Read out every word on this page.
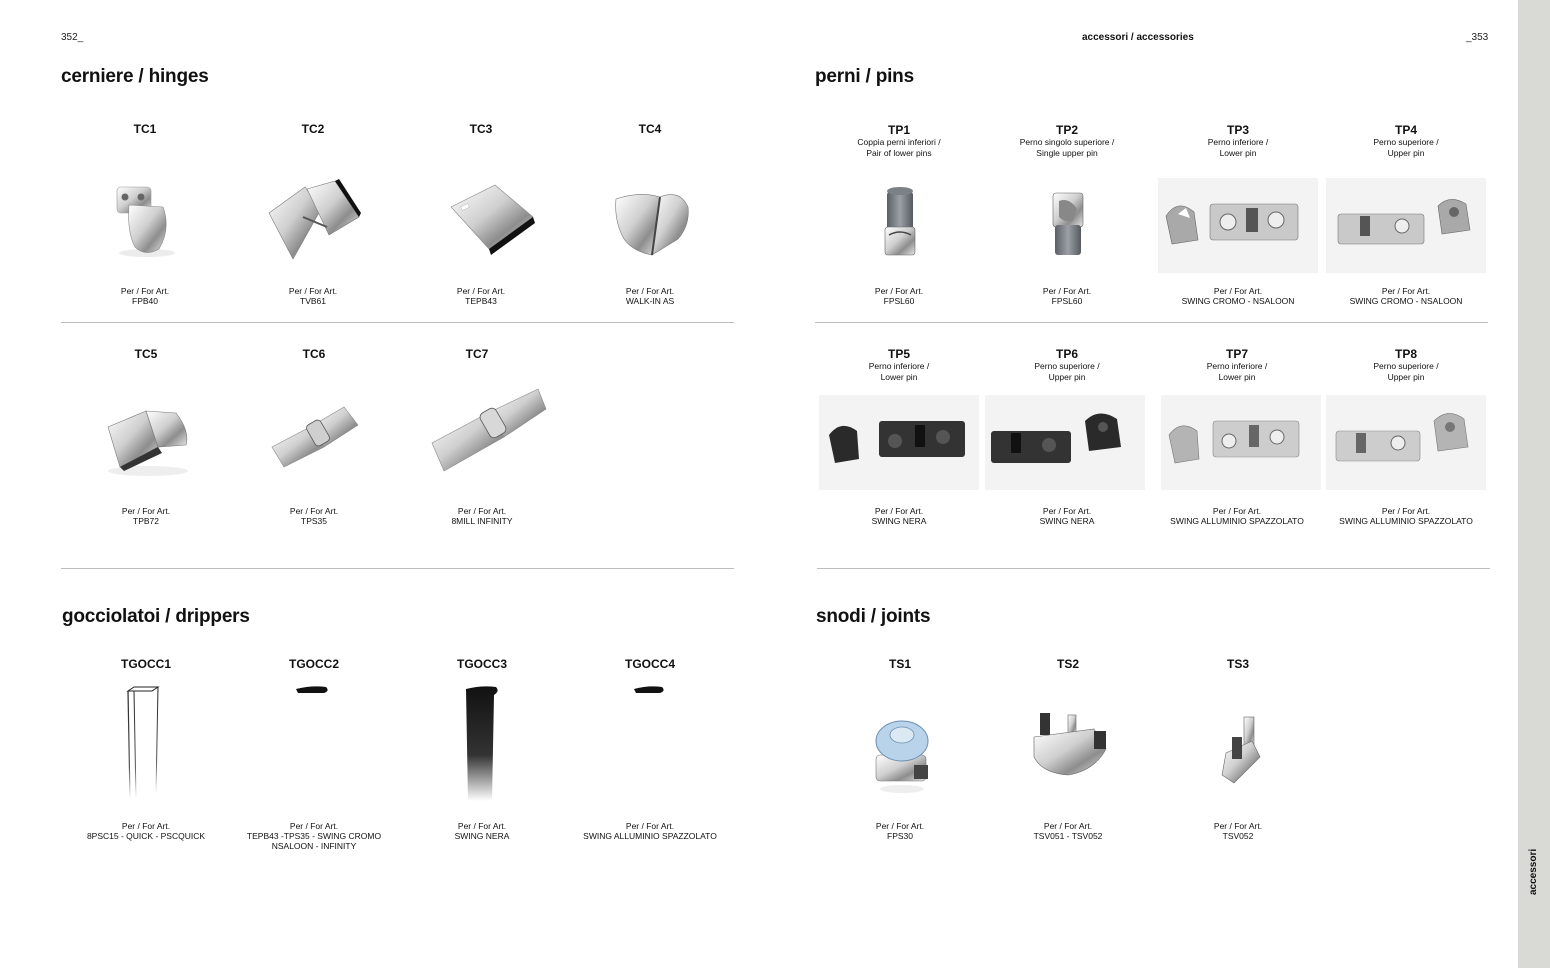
352_	accessori / accessories	_353
accessori
cerniere / hinges	perni / pins
gocciolatoi / drippers	snodi / joints
TC1
Per / For Art.
FPB40
TC2
Per / For Art.
TVB61
TC3
Per / For Art.
TEPB43
TC4
Per / For Art.
WALK-IN AS
TC5
Per / For Art.
TPB72
TC6
Per / For Art.
TPS35
TC7
Per / For Art.
8MILL INFINITY
TP1
Coppia perni inferiori /
Pair of lower pins
Per / For Art.
FPSL60
TP2
Perno singolo superiore /
Single upper pin
Per / For Art.
FPSL60
TP3
Perno inferiore /
Lower pin
Per / For Art.
SWING CROMO - NSALOON
TP4
Perno superiore /
Upper pin
Per / For Art.
SWING CROMO - NSALOON
TP5
Perno inferiore /
Lower pin
Per / For Art.
SWING NERA
TP6
Perno superiore /
Upper pin
Per / For Art.
SWING NERA
TP7
Perno inferiore /
Lower pin
Per / For Art.
SWING ALLUMINIO SPAZZOLATO
TP8
Perno superiore /
Upper pin
Per / For Art.
SWING ALLUMINIO SPAZZOLATO
TGOCC1
Per / For Art.
8PSC15 - QUICK - PSCQUICK
TGOCC2
Per / For Art.
TEPB43 -TPS35 - SWING CROMO
NSALOON - INFINITY
TGOCC3
Per / For Art.
SWING NERA
TGOCC4
Per / For Art.
SWING ALLUMINIO SPAZZOLATO
TS1
Per / For Art.
FPS30
TS2
Per / For Art.
TSV051 - TSV052
TS3
Per / For Art.
TSV052
